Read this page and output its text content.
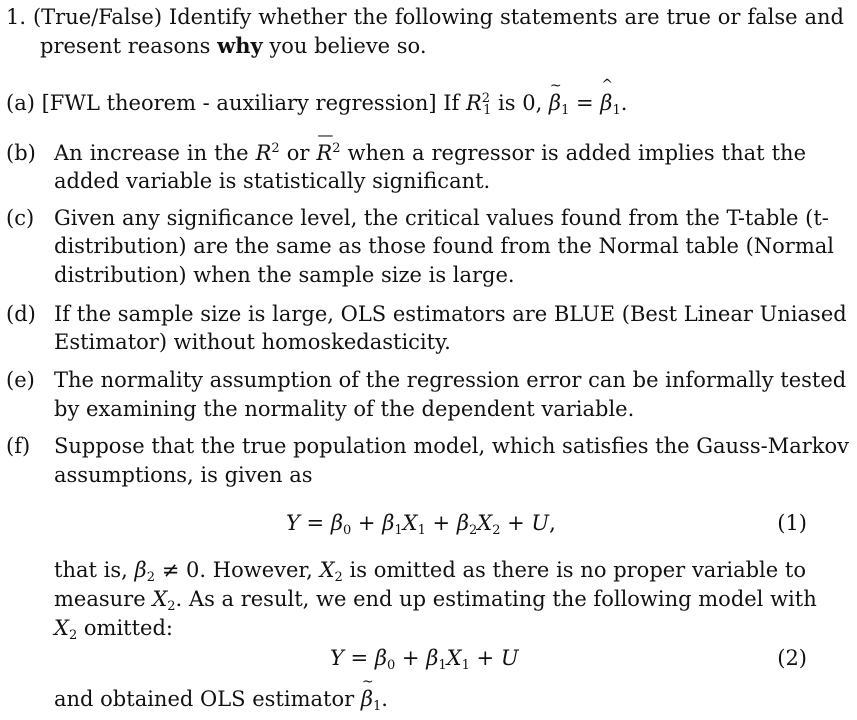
1. (True/False) Identify whether the following statements are true or false and
present reasons why you believe so.
(a) [FWL theorem - auxiliary regression] If $R^2_1$ is 0,
~
$\beta_1$ =
^
$\beta_1$.
(b) An increase in the $R^2$ or
—
$R^2$ when a regressor is added implies that the
added variable is statistically significant.
(c) Given any significance level, the critical values found from the T-table (t-
distribution) are the same as those found from the Normal table (Normal
distribution) when the sample size is large.
(d) If the sample size is large, OLS estimators are BLUE (Best Linear Uniased
Estimator) without homoskedasticity.
(e) The normality assumption of the regression error can be informally tested
by examining the normality of the dependent variable.
(f) Suppose that the true population model, which satisfies the Gauss-Markov
assumptions, is given as
$Y = \beta_0 + \beta_1X_1 + \beta_2X_2 + U$,	(1)
that is, $\beta_2 \ne 0$. However, $X_2$ is omitted as there is no proper variable to
measure $X_2$. As a result, we end up estimating the following model with
$X_2$ omitted:
$Y = \beta_0 + \beta_1X_1 + U$	(2)
and obtained OLS estimator
~
$\beta_1$.
